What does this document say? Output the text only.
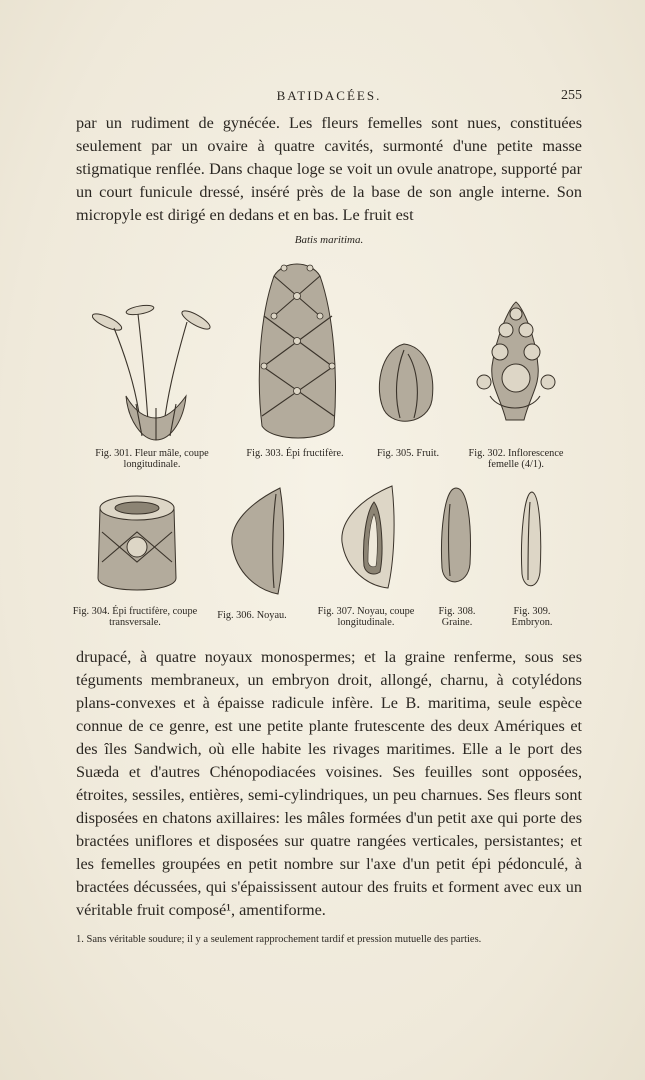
BATIDACÉES.	255
par un rudiment de gynécée. Les fleurs femelles sont nues, constituées seulement par un ovaire à quatre cavités, surmonté d'une petite masse stigmatique renflée. Dans chaque loge se voit un ovule anatrope, supporté par un court funicule dressé, inséré près de la base de son angle interne. Son micropyle est dirigé en dedans et en bas. Le fruit est
Batis maritima.
Fig. 301. Fleur mâle, coupe longitudinale.
Fig. 303. Épi fructifère.	Fig. 305. Fruit.	Fig. 302. Inflorescence femelle (4/1).
Fig. 304. Épi fructifère, coupe transversale.
Fig. 306. Noyau.	Fig. 307. Noyau, coupe longitudinale.
Fig. 308. Graine.
Fig. 309. Embryon.
drupacé, à quatre noyaux monospermes; et la graine renferme, sous ses téguments membraneux, un embryon droit, allongé, charnu, à cotylédons plans-convexes et à épaisse radicule infère. Le B. maritima, seule espèce connue de ce genre, est une petite plante frutescente des deux Amériques et des îles Sandwich, où elle habite les rivages maritimes. Elle a le port des Suæda et d'autres Chénopodiacées voisines. Ses feuilles sont opposées, étroites, sessiles, entières, semi-cylindriques, un peu charnues. Ses fleurs sont disposées en chatons axillaires: les mâles formées d'un petit axe qui porte des bractées uniflores et disposées sur quatre rangées verticales, persistantes; et les femelles groupées en petit nombre sur l'axe d'un petit épi pédonculé, à bractées décussées, qui s'épaississent autour des fruits et forment avec eux un véritable fruit composé¹, amentiforme.
1. Sans véritable soudure; il y a seulement rapprochement tardif et pression mutuelle des parties.
